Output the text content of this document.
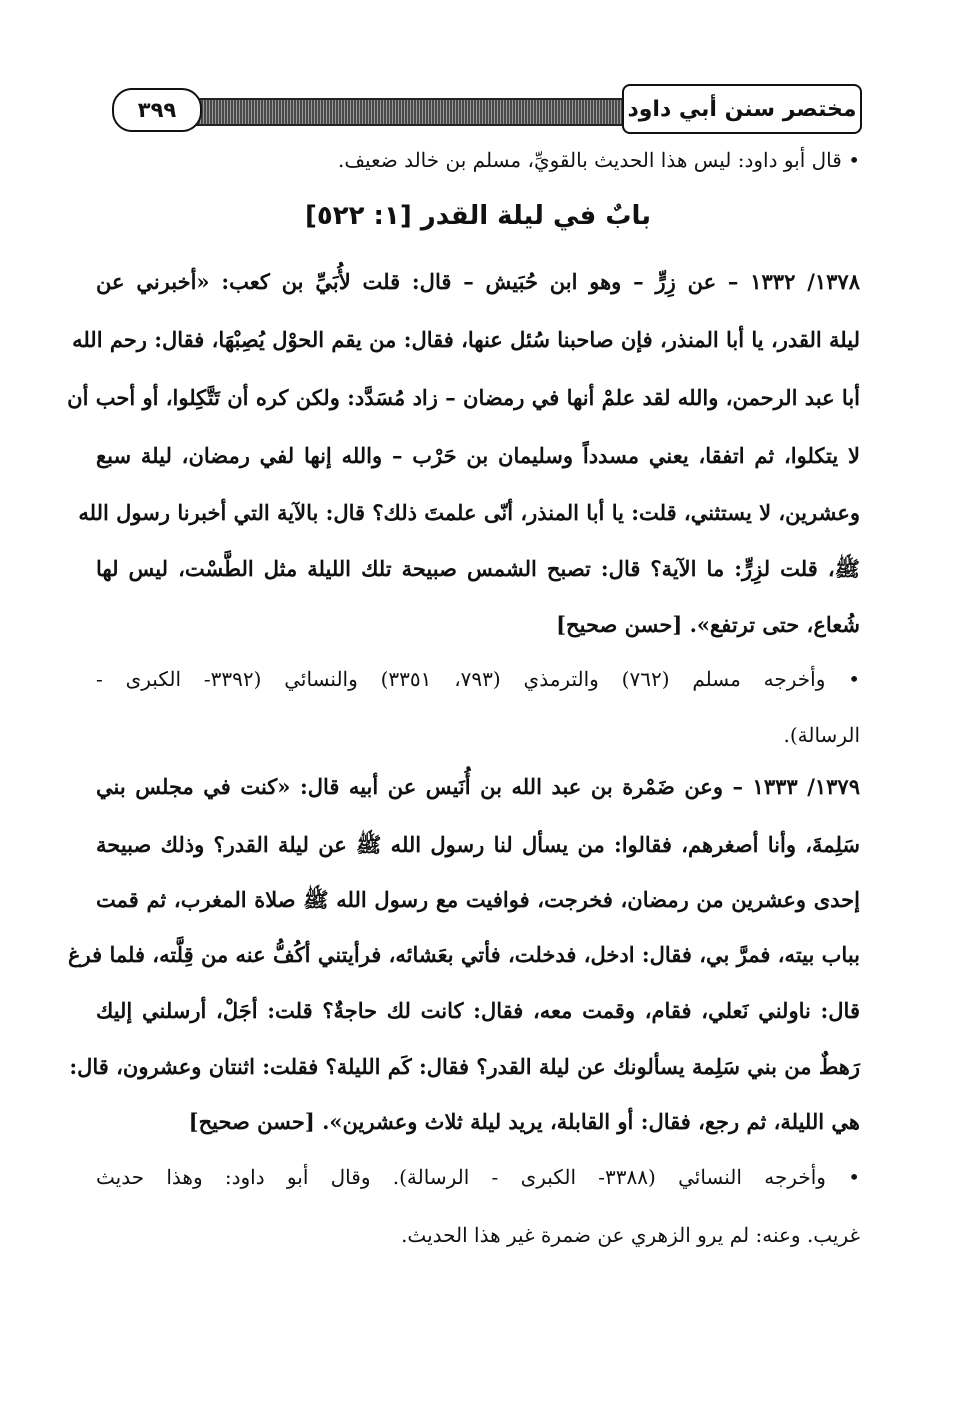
٣٩٩	مختصر سنن أبي داود
• قال أبو داود: ليس هذا الحديث بالقويِّ، مسلم بن خالد ضعيف.
بابٌ في ليلة القدر [١: ٥٢٢]
١٣٧٨/ ١٣٣٢ – عن زِرٍّ – وهو ابن حُبَيش – قال: قلت لأُبَيِّ بن كعب: «أخبرني عن
ليلة القدر، يا أبا المنذر، فإن صاحبنا سُئل عنها، فقال: من يقم الحوْل يُصِبْهَا، فقال: رحم الله
أبا عبد الرحمن، والله لقد علمْ أنها في رمضان – زاد مُسَدَّد: ولكن كره أن تَتَّكِلوا، أو أحب أن
لا يتكلوا، ثم اتفقا، يعني مسدداً وسليمان بن حَرْب – والله إنها لفي رمضان، ليلة سبع
وعشرين، لا يستثني، قلت: يا أبا المنذر، أنّى علمتَ ذلك؟ قال: بالآية التي أخبرنا رسول الله
ﷺ، قلت لزِرٍّ: ما الآية؟ قال: تصبح الشمس صبيحة تلك الليلة مثل الطَّسْت، ليس لها
شُعاع، حتى ترتفع». [حسن صحيح]
• وأخرجه مسلم (٧٦٢) والترمذي (٧٩٣، ٣٣٥١) والنسائي (٣٣٩٢- الكبرى -
الرسالة).
١٣٧٩/ ١٣٣٣ – وعن ضَمْرة بن عبد الله بن أُنَيس عن أبيه قال: «كنت في مجلس بني
سَلِمةَ، وأنا أصغرهم، فقالوا: من يسأل لنا رسول الله ﷺ عن ليلة القدر؟ وذلك صبيحة
إحدى وعشرين من رمضان، فخرجت، فوافيت مع رسول الله ﷺ صلاة المغرب، ثم قمت
بباب بيته، فمرَّ بي، فقال: ادخل، فدخلت، فأتي بعَشائه، فرأيتني أكُفُّ عنه من قِلَّته، فلما فرغ
قال: ناولني نَعلي، فقام، وقمت معه، فقال: كانت لك حاجةٌ؟ قلت: أجَلْ، أرسلني إليك
رَهطٌ من بني سَلِمة يسألونك عن ليلة القدر؟ فقال: كَم الليلة؟ فقلت: اثنتان وعشرون، قال:
هي الليلة، ثم رجع، فقال: أو القابلة، يريد ليلة ثلاث وعشرين». [حسن صحيح]
• وأخرجه النسائي (٣٣٨٨- الكبرى - الرسالة). وقال أبو داود: وهذا حديث
غريب. وعنه: لم يرو الزهري عن ضمرة غير هذا الحديث.
